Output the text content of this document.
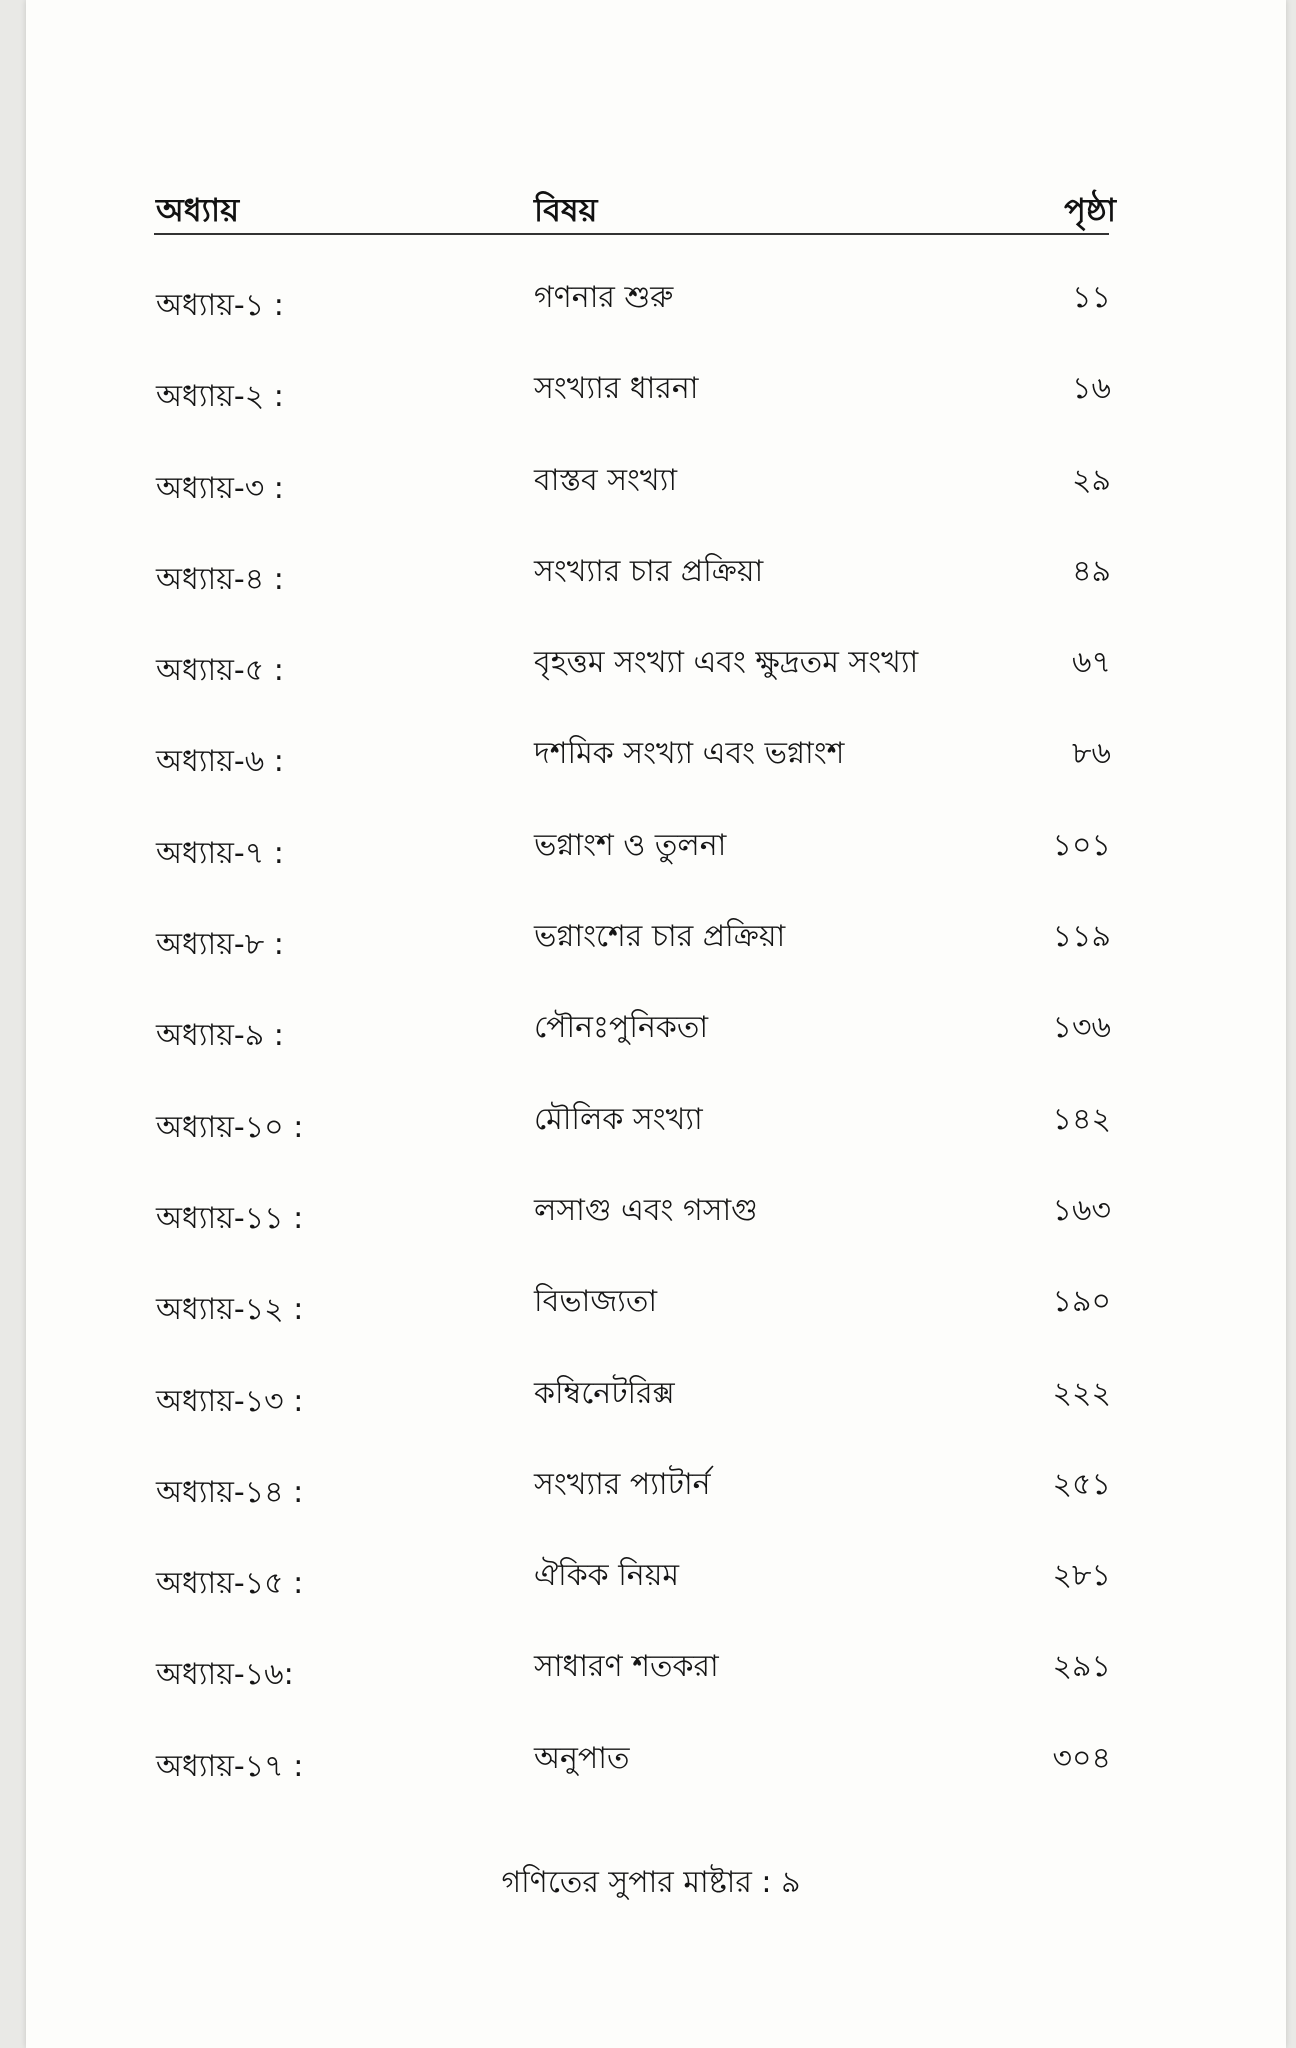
অধ্যায়	বিষয়	পৃষ্ঠা
অধ্যায়-১ :	গণনার শুরু	১১
অধ্যায়-২ :	সংখ্যার ধারনা	১৬
অধ্যায়-৩ :	বাস্তব সংখ্যা	২৯
অধ্যায়-৪ :	সংখ্যার চার প্রক্রিয়া	৪৯
অধ্যায়-৫ :	বৃহত্তম সংখ্যা এবং ক্ষুদ্রতম সংখ্যা	৬৭
অধ্যায়-৬ :	দশমিক সংখ্যা এবং ভগ্নাংশ	৮৬
অধ্যায়-৭ :	ভগ্নাংশ ও তুলনা	১০১
অধ্যায়-৮ :	ভগ্নাংশের চার প্রক্রিয়া	১১৯
অধ্যায়-৯ :	পৌনঃপুনিকতা	১৩৬
অধ্যায়-১০ :	মৌলিক সংখ্যা	১৪২
অধ্যায়-১১ :	লসাগু এবং গসাগু	১৬৩
অধ্যায়-১২ :	বিভাজ্যতা	১৯০
অধ্যায়-১৩ :	কম্বিনেটরিক্স	২২২
অধ্যায়-১৪ :	সংখ্যার প্যাটার্ন	২৫১
অধ্যায়-১৫ :	ঐকিক নিয়ম	২৮১
অধ্যায়-১৬:	সাধারণ শতকরা	২৯১
অধ্যায়-১৭ :	অনুপাত	৩০৪
গণিতের সুপার মাষ্টার : ৯
